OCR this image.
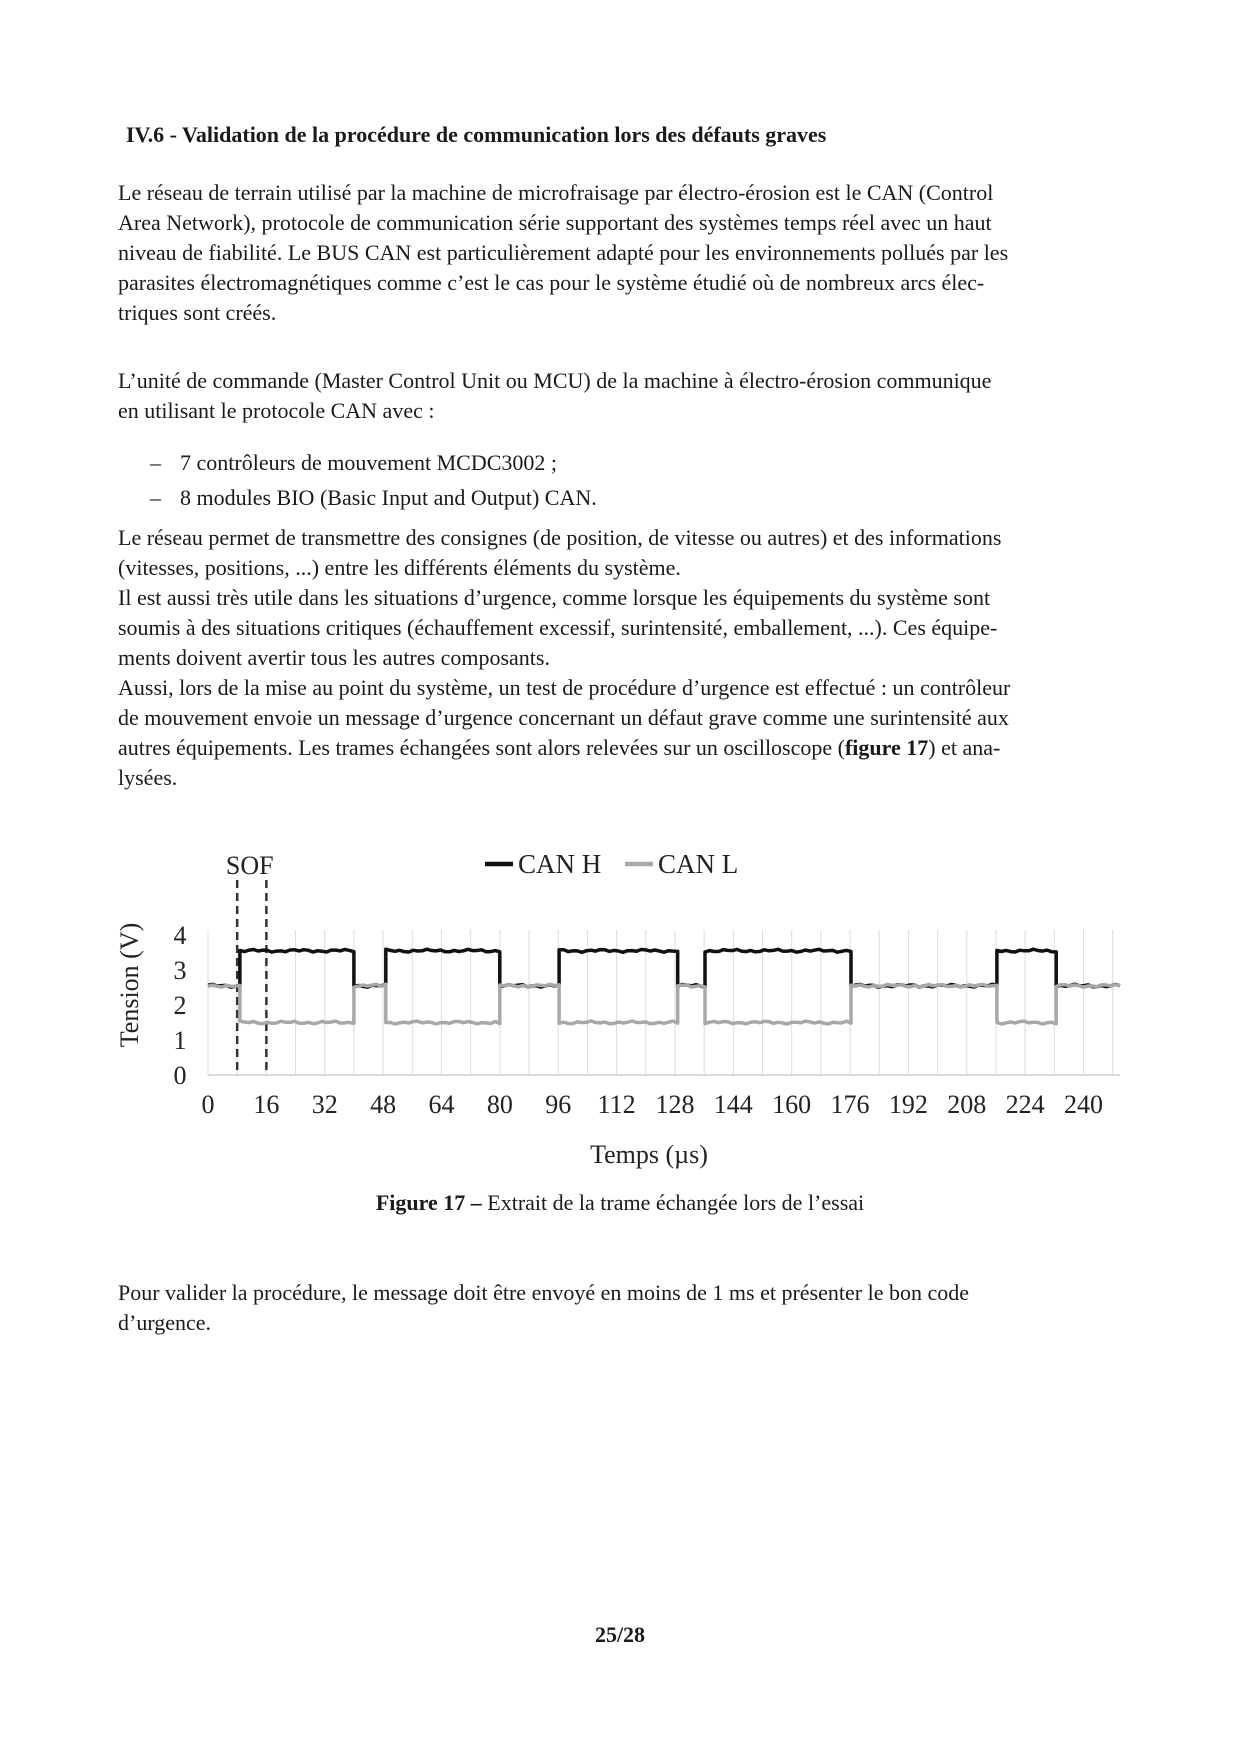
IV.6 - Validation de la procédure de communication lors des défauts graves
Le réseau de terrain utilisé par la machine de microfraisage par électro-érosion est le CAN (Control
Area Network), protocole de communication série supportant des systèmes temps réel avec un haut
niveau de fiabilité. Le BUS CAN est particulièrement adapté pour les environnements pollués par les
parasites électromagnétiques comme c’est le cas pour le système étudié où de nombreux arcs élec-
triques sont créés.
L’unité de commande (Master Control Unit ou MCU) de la machine à électro-érosion communique
en utilisant le protocole CAN avec :
– 7 contrôleurs de mouvement MCDC3002 ;
– 8 modules BIO (Basic Input and Output) CAN.
Le réseau permet de transmettre des consignes (de position, de vitesse ou autres) et des informations
(vitesses, positions, ...) entre les différents éléments du système.
Il est aussi très utile dans les situations d’urgence, comme lorsque les équipements du système sont
soumis à des situations critiques (échauffement excessif, surintensité, emballement, ...). Ces équipe-
ments doivent avertir tous les autres composants.
Aussi, lors de la mise au point du système, un test de procédure d’urgence est effectué : un contrôleur
de mouvement envoie un message d’urgence concernant un défaut grave comme une surintensité aux
autres équipements. Les trames échangées sont alors relevées sur un oscilloscope (figure 17) et ana-
lysées.
SOF	CAN H CAN L
0 16 32 48 64 80 96 112 128 144 160 176 192 208 224 240
0
1
2
3
4
Tension (V)
Temps (µs)

Figure 17 – Extrait de la trame échangée lors de l’essai

Pour valider la procédure, le message doit être envoyé en moins de 1 ms et présenter le bon code
d’urgence.
25/28
